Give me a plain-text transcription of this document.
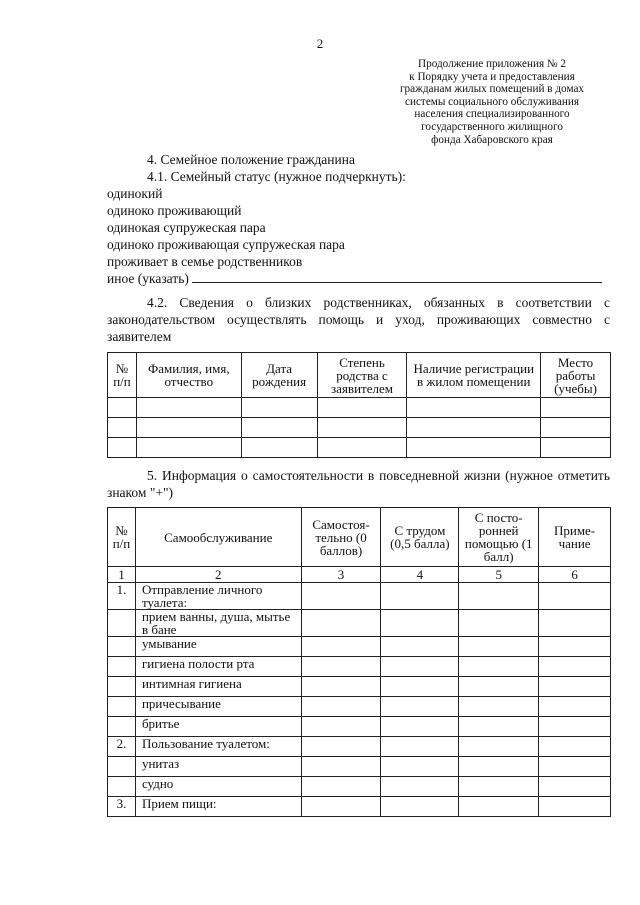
2
Продолжение приложения № 2
к Порядку учета и предоставления
гражданам жилых помещений в домах
системы социального обслуживания
населения специализированного
государственного жилищного
фонда Хабаровского края
4. Семейное положение гражданина
4.1. Семейный статус (нужное подчеркнуть):
одинокий
одиноко проживающий
одинокая супружеская пара
одиноко проживающая супружеская пара
проживает в семье родственников
иное (указать)
4.2. Сведения о близких родственниках, обязанных в соответствии с законодательством осуществлять помощь и уход, проживающих совместно с заявителем
№ п/п	Фамилия, имя, отчество	Дата рождения	Степень родства с заявителем	Наличие регистрации в жилом помещении	Место работы (учебы)

5. Информация о самостоятельности в повседневной жизни (нужное отметить знаком "+")
№ п/п	Самообслуживание	Самостоя-тельно (0 баллов)	С трудом (0,5 балла)	С посто-ронней помощью (1 балл)	Приме-чание
1	2	3	4	5	6
1.	Отправление личного туалета:				
	прием ванны, душа, мытье в бане				
	умывание				
	гигиена полости рта				
	интимная гигиена				
	причесывание				
	бритье				
2.	Пользование туалетом:				
	унитаз				
	судно				
3.	Прием пищи:				
